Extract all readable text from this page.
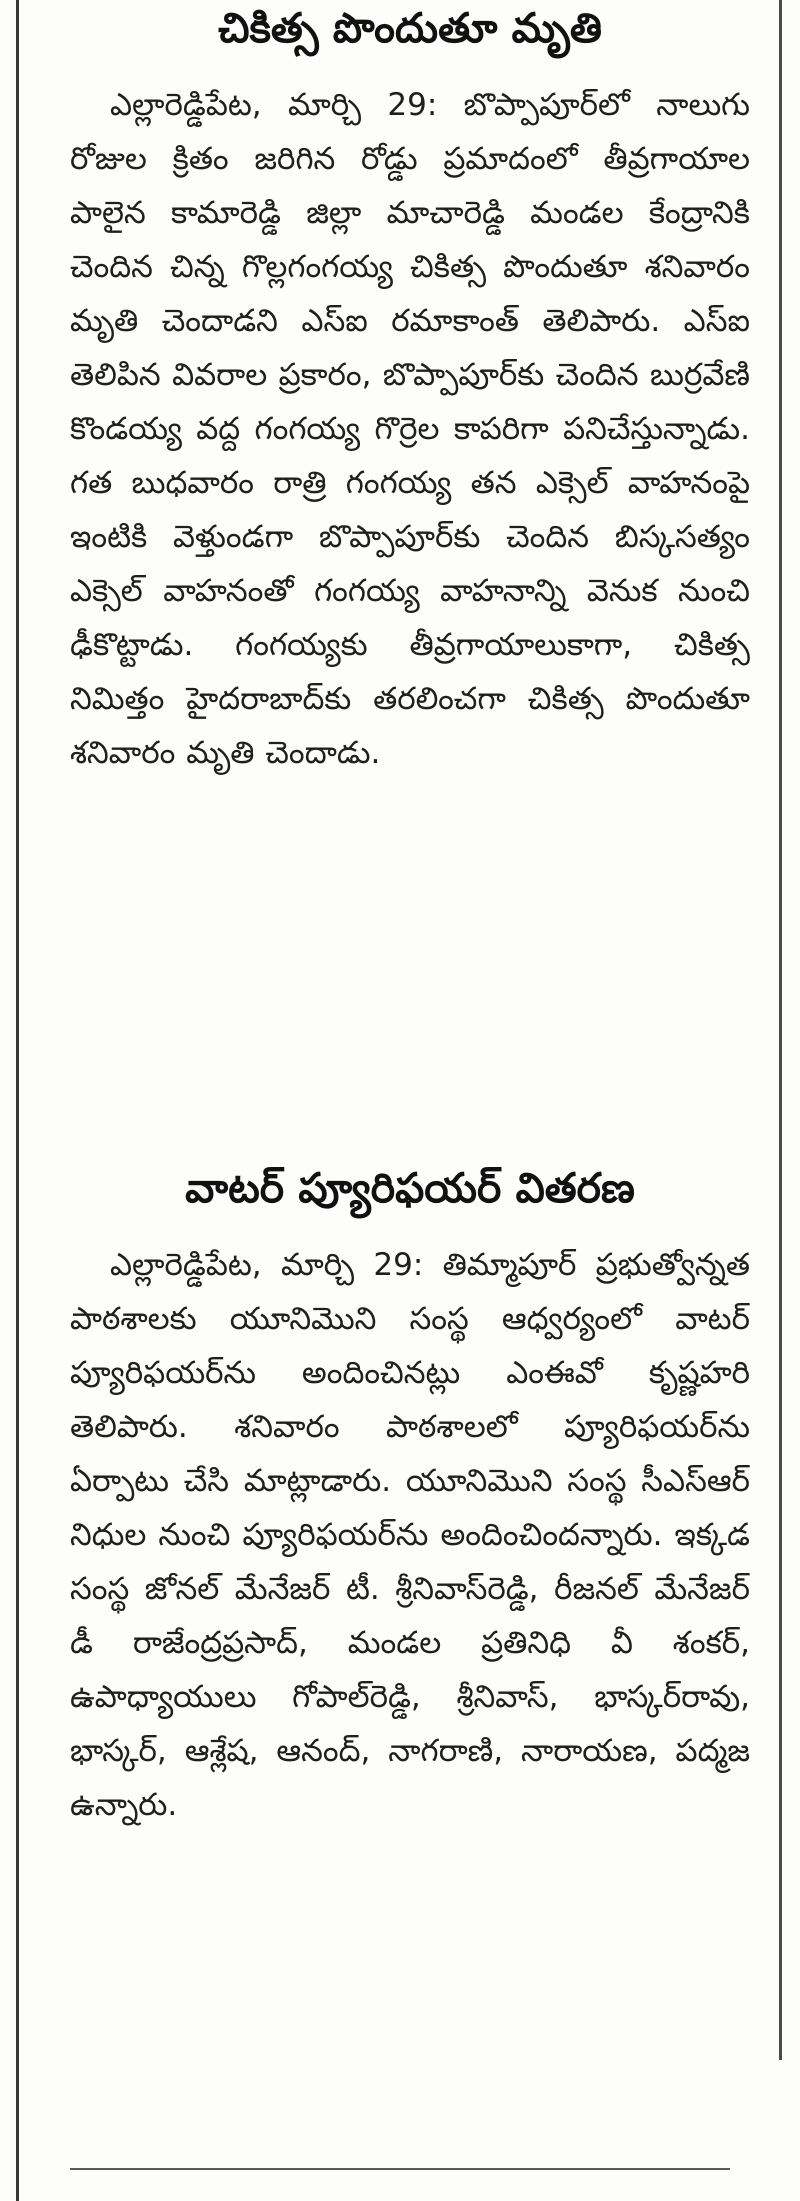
చికిత్స పొందుతూ మృతి

ఎల్లారెడ్డిపేట, మార్చి 29: బొప్పాపూర్‌లో నాలుగు రోజుల క్రితం జరిగిన రోడ్డు ప్రమాదంలో తీవ్రగాయాల పాలైన కామారెడ్డి జిల్లా మాచారెడ్డి మండల కేంద్రానికి చెందిన చిన్న గొల్లగంగయ్య చికిత్స పొందుతూ శనివారం మృతి చెందాడని ఎస్ఐ రమాకాంత్ తెలిపారు. ఎస్ఐ తెలిపిన వివరాల ప్రకారం, బొప్పాపూర్‌కు చెందిన బుర్రవేణి కొండయ్య వద్ద గంగయ్య గొర్రెల కాపరిగా పనిచేస్తున్నాడు. గత బుధవారం రాత్రి గంగయ్య తన ఎక్సెల్ వాహనంపై ఇంటికి వెళ్తుండగా బొప్పాపూర్‌కు చెందిన బిస్కసత్యం ఎక్సెల్ వాహనంతో గంగయ్య వాహనాన్ని వెనుక నుంచి ఢీకొట్టాడు. గంగయ్యకు తీవ్రగాయాలుకాగా, చికిత్స నిమిత్తం హైదరాబాద్‌కు తరలించగా చికిత్స పొందుతూ శనివారం మృతి చెందాడు.

వాటర్ ప్యూరిఫయర్ వితరణ

ఎల్లారెడ్డిపేట, మార్చి 29: తిమ్మాపూర్ ప్రభుత్వోన్నత పాఠశాలకు యూనిమొని సంస్థ ఆధ్వర్యంలో వాటర్ ప్యూరిఫయర్‌ను అందించినట్లు ఎంఈవో కృష్ణహరి తెలిపారు. శనివారం పాఠశాలలో ప్యూరిఫయర్‌ను ఏర్పాటు చేసి మాట్లాడారు. యూనిమొని సంస్థ సీఎస్ఆర్ నిధుల నుంచి ప్యూరిఫయర్‌ను అందించిందన్నారు. ఇక్కడ సంస్థ జోనల్ మేనేజర్ టీ. శ్రీనివాస్‌రెడ్డి, రీజనల్ మేనేజర్ డీ రాజేంద్రప్రసాద్, మండల ప్రతినిధి వీ శంకర్, ఉపాధ్యాయులు గోపాల్‌రెడ్డి, శ్రీనివాస్, భాస్కర్‌రావు, భాస్కర్, ఆశ్లేష, ఆనంద్, నాగరాణి, నారాయణ, పద్మజ ఉన్నారు.
